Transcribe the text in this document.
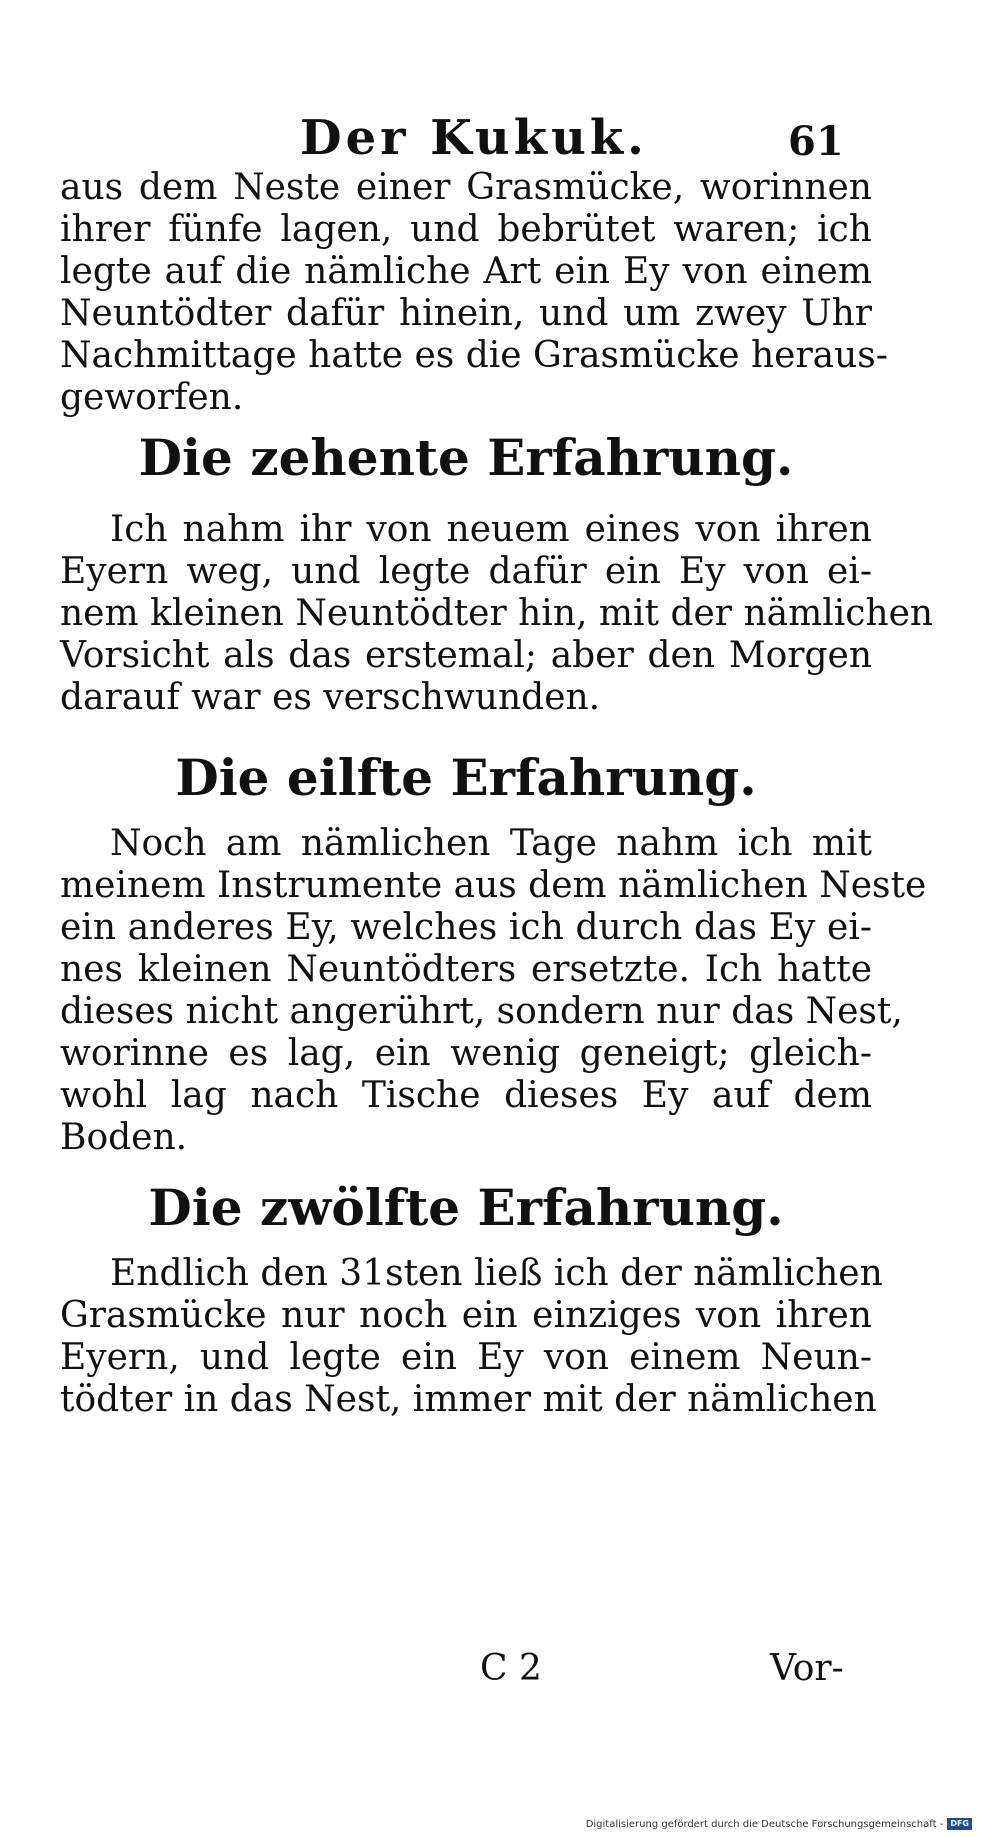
Der Kukuk.	61
aus dem Neste einer Grasmücke, worinnen
ihrer fünfe lagen, und bebrütet waren; ich
legte auf die nämliche Art ein Ey von einem
Neuntödter dafür hinein, und um zwey Uhr
Nachmittage hatte es die Grasmücke heraus-
geworfen.
Die zehente Erfahrung.
Ich nahm ihr von neuem eines von ihren
Eyern weg, und legte dafür ein Ey von ei-
nem kleinen Neuntödter hin, mit der nämlichen
Vorsicht als das erstemal; aber den Morgen
darauf war es verschwunden.
Die eilfte Erfahrung.
Noch am nämlichen Tage nahm ich mit
meinem Instrumente aus dem nämlichen Neste
ein anderes Ey, welches ich durch das Ey ei-
nes kleinen Neuntödters ersetzte. Ich hatte
dieses nicht angerührt, sondern nur das Nest,
worinne es lag, ein wenig geneigt; gleich-
wohl lag nach Tische dieses Ey auf dem
Boden.
Die zwölfte Erfahrung.
Endlich den 31sten ließ ich der nämlichen
Grasmücke nur noch ein einziges von ihren
Eyern, und legte ein Ey von einem Neun-
tödter in das Nest, immer mit der nämlichen
C 2	Vor-
Digitalisierung gefördert durch die Deutsche Forschungsgemeinschaft - DFG
